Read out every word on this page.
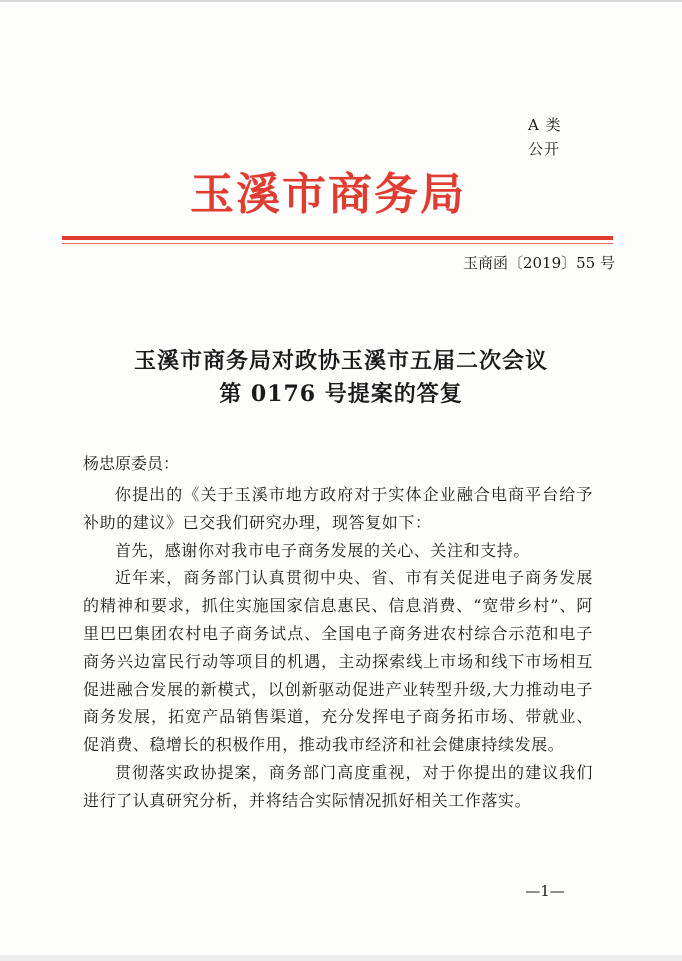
A 类
公开
玉溪市商务局
玉商函〔2019〕55 号
玉溪市商务局对政协玉溪市五届二次会议
第 0176 号提案的答复
杨忠原委员：

你提出的《关于玉溪市地方政府对于实体企业融合电商平台给予补助的建议》已交我们研究办理，现答复如下：

首先，感谢你对我市电子商务发展的关心、关注和支持。

近年来，商务部门认真贯彻中央、省、市有关促进电子商务发展的精神和要求，抓住实施国家信息惠民、信息消费、“宽带乡村”、阿里巴巴集团农村电子商务试点、全国电子商务进农村综合示范和电子商务兴边富民行动等项目的机遇，主动探索线上市场和线下市场相互促进融合发展的新模式，以创新驱动促进产业转型升级,大力推动电子商务发展，拓宽产品销售渠道，充分发挥电子商务拓市场、带就业、促消费、稳增长的积极作用，推动我市经济和社会健康持续发展。

贯彻落实政协提案，商务部门高度重视，对于你提出的建议我们进行了认真研究分析，并将结合实际情况抓好相关工作落实。

—1—
